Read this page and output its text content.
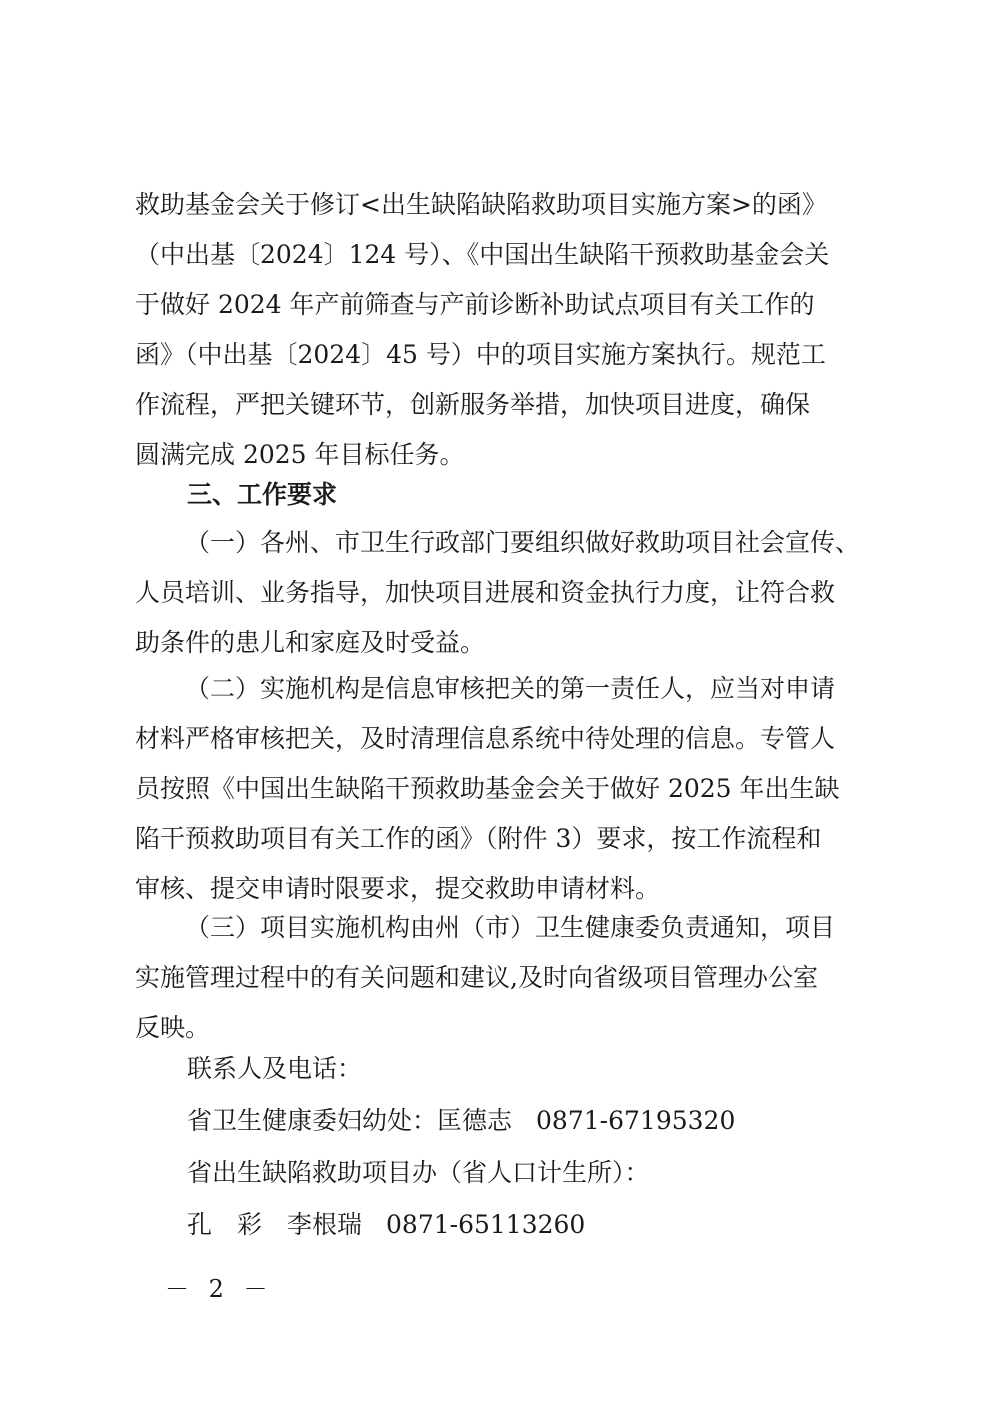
救助基金会关于修订<出生缺陷缺陷救助项目实施方案>的函》
（中出基〔2024〕124 号）、《中国出生缺陷干预救助基金会关
于做好 2024 年产前筛查与产前诊断补助试点项目有关工作的
函》（中出基〔2024〕45 号）中的项目实施方案执行。规范工
作流程，严把关键环节，创新服务举措，加快项目进度，确保
圆满完成 2025 年目标任务。
三、工作要求
（一）各州、市卫生行政部门要组织做好救助项目社会宣传、
人员培训、业务指导，加快项目进展和资金执行力度，让符合救
助条件的患儿和家庭及时受益。
（二）实施机构是信息审核把关的第一责任人，应当对申请
材料严格审核把关，及时清理信息系统中待处理的信息。专管人
员按照《中国出生缺陷干预救助基金会关于做好 2025 年出生缺
陷干预救助项目有关工作的函》（附件 3）要求，按工作流程和
审核、提交申请时限要求，提交救助申请材料。
（三）项目实施机构由州（市）卫生健康委负责通知，项目
实施管理过程中的有关问题和建议,及时向省级项目管理办公室
反映。
联系人及电话：
省卫生健康委妇幼处：匡德志 0871-67195320
省出生缺陷救助项目办（省人口计生所）：
孔　彩　李根瑞 0871-65113260
－ 2 －
